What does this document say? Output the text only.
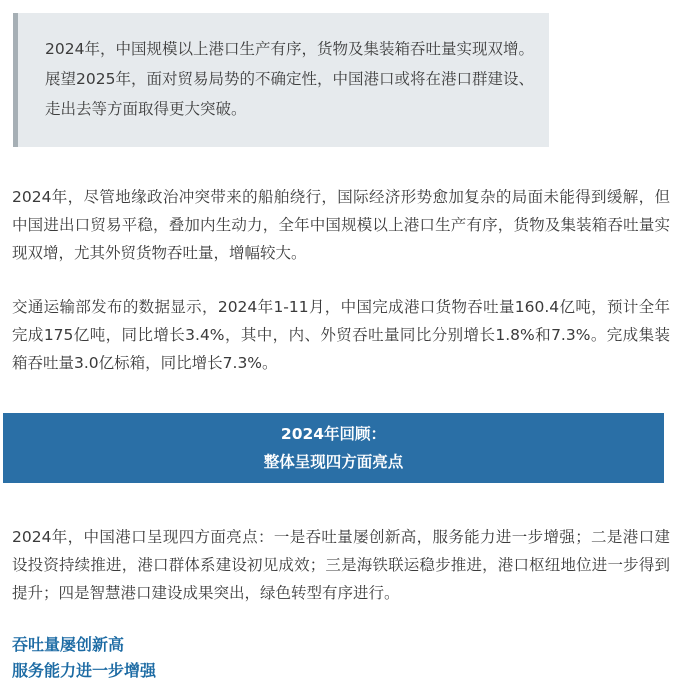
2024年，中国规模以上港口生产有序，货物及集装箱吞吐量实现双增。展望2025年，面对贸易局势的不确定性，中国港口或将在港口群建设、走出去等方面取得更大突破。

2024年，尽管地缘政治冲突带来的船舶绕行，国际经济形势愈加复杂的局面未能得到缓解，但中国进出口贸易平稳，叠加内生动力，全年中国规模以上港口生产有序，货物及集装箱吞吐量实现双增，尤其外贸货物吞吐量，增幅较大。

交通运输部发布的数据显示，2024年1-11月，中国完成港口货物吞吐量160.4亿吨，预计全年完成175亿吨，同比增长3.4%，其中，内、外贸吞吐量同比分别增长1.8%和7.3%。完成集装箱吞吐量3.0亿标箱，同比增长7.3%。

2024年回顾：
整体呈现四方面亮点

2024年，中国港口呈现四方面亮点：一是吞吐量屡创新高，服务能力进一步增强；二是港口建设投资持续推进，港口群体系建设初见成效；三是海铁联运稳步推进，港口枢纽地位进一步得到提升；四是智慧港口建设成果突出，绿色转型有序进行。

吞吐量屡创新高

服务能力进一步增强
